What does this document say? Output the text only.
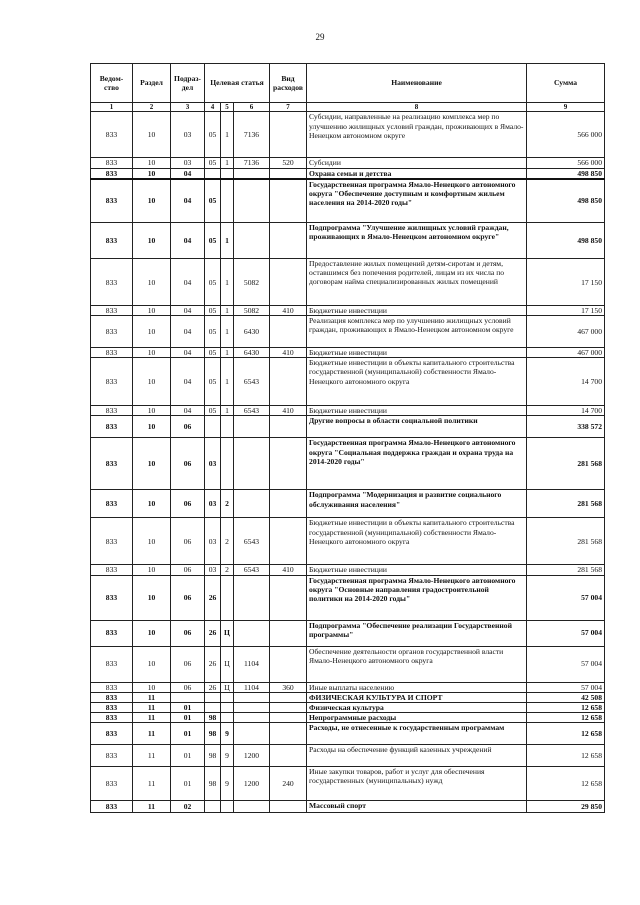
29
Ведом-ство	Раздел	Подраз-дел	Целевая статья			Вид расходов	Наименование	Сумма
1	2	3	4	5	6	7	8	9
833	10	03	05	1	7136		Субсидии, направленные на реализацию комплекса мер по улучшению жилищных условий граждан, проживающих в Ямало-Ненецком автономном округе	566 000
833	10	03	05	1	7136	520	Субсидии	566 000
833	10	04					Охрана семьи и детства	498 850
833	10	04	05				Государственная программа Ямало-Ненецкого автономного округа "Обеспечение доступным и комфортным жильем населения на 2014-2020 годы"	498 850
833	10	04	05	1			Подпрограмма "Улучшение жилищных условий граждан, проживающих в Ямало-Ненецком автономном округе"	498 850
833	10	04	05	1	5082		Предоставление жилых помещений детям-сиротам и детям, оставшимся без попечения родителей, лицам из их числа по договорам найма специализированных жилых помещений	17 150
833	10	04	05	1	5082	410	Бюджетные инвестиции	17 150
833	10	04	05	1	6430		Реализация комплекса мер по улучшению жилищных условий граждан, проживающих в Ямало-Ненецком автономном округе	467 000
833	10	04	05	1	6430	410	Бюджетные инвестиции	467 000
833	10	04	05	1	6543		Бюджетные инвестиции в объекты капитального строительства государственной (муниципальной) собственности Ямало-Ненецкого автономного округа	14 700
833	10	04	05	1	6543	410	Бюджетные инвестиции	14 700
833	10	06					Другие вопросы в области социальной политики	338 572
833	10	06	03				Государственная программа Ямало-Ненецкого автономного округа "Социальная поддержка граждан и охрана труда на 2014-2020 годы"	281 568
833	10	06	03	2			Подпрограмма "Модернизация и развитие социального обслуживания населения"	281 568
833	10	06	03	2	6543		Бюджетные инвестиции в объекты капитального строительства государственной (муниципальной) собственности Ямало-Ненецкого автономного округа	281 568
833	10	06	03	2	6543	410	Бюджетные инвестиции	281 568
833	10	06	26				Государственная программа Ямало-Ненецкого автономного округа "Основные направления градостроительной политики на 2014-2020 годы"	57 004
833	10	06	26	Ц			Подпрограмма "Обеспечение реализации Государственной программы"	57 004
833	10	06	26	Ц	1104		Обеспечение деятельности органов государственной власти Ямало-Ненецкого автономного округа	57 004
833	10	06	26	Ц	1104	360	Иные выплаты населению	57 004
833	11						ФИЗИЧЕСКАЯ КУЛЬТУРА И СПОРТ	42 508
833	11	01					Физическая культура	12 658
833	11	01	98				Непрограммные расходы	12 658
833	11	01	98	9			Расходы, не отнесенные к государственным программам	12 658
833	11	01	98	9	1200		Расходы на обеспечение функций казенных учреждений	12 658
833	11	01	98	9	1200	240	Иные закупки товаров, работ и услуг для обеспечения государственных (муниципальных) нужд	12 658
833	11	02					Массовый спорт	29 850
